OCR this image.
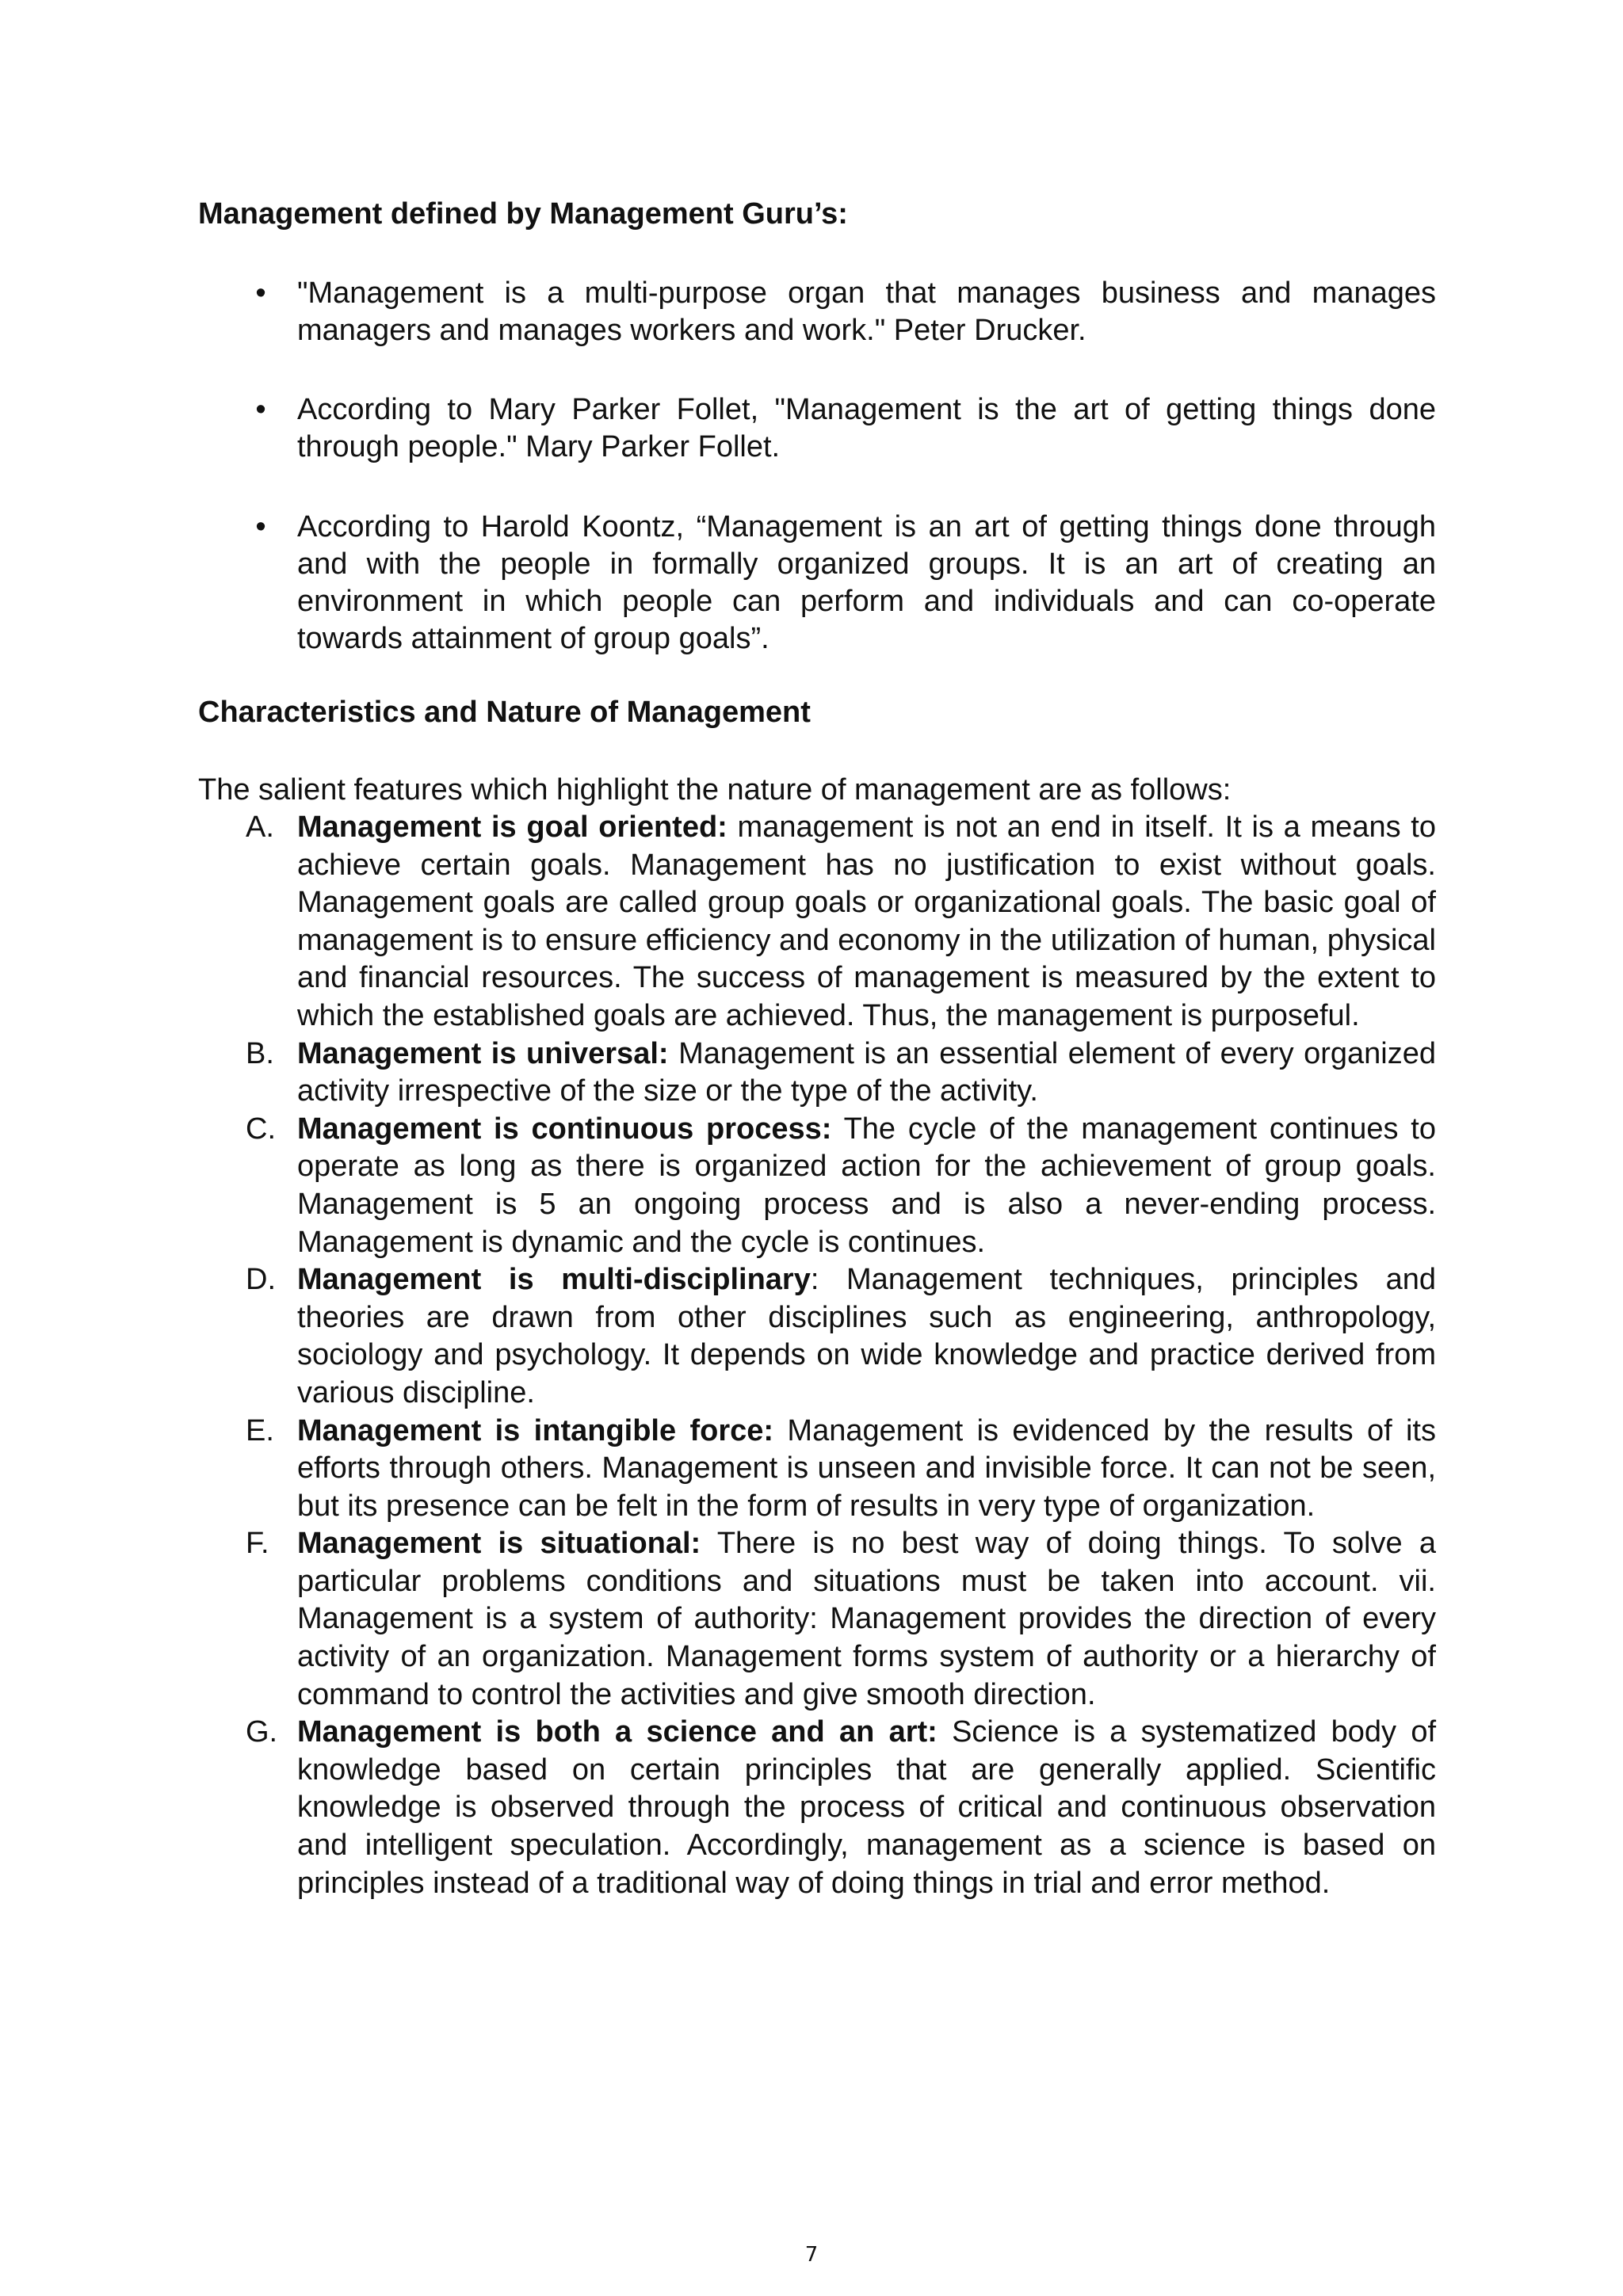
Management defined by Management Guru’s:
• "Management is a multi-purpose organ that manages business and manages managers and manages workers and work." Peter Drucker.
• According to Mary Parker Follet, "Management is the art of getting things done through people." Mary Parker Follet.
• According to Harold Koontz, “Management is an art of getting things done through and with the people in formally organized groups. It is an art of creating an environment in which people can perform and individuals and can co-operate towards attainment of group goals”.
Characteristics and Nature of Management

The salient features which highlight the nature of management are as follows:

A. Management is goal oriented: management is not an end in itself. It is a means to achieve certain goals. Management has no justification to exist without goals. Management goals are called group goals or organizational goals. The basic goal of management is to ensure efficiency and economy in the utilization of human, physical and financial resources. The success of management is measured by the extent to which the established goals are achieved. Thus, the management is purposeful.
B. Management is universal: Management is an essential element of every organized activity irrespective of the size or the type of the activity.
C. Management is continuous process: The cycle of the management continues to operate as long as there is organized action for the achievement of group goals. Management is 5 an ongoing process and is also a never-ending process. Management is dynamic and the cycle is continues.
D. Management is multi-disciplinary: Management techniques, principles and theories are drawn from other disciplines such as engineering, anthropology, sociology and psychology. It depends on wide knowledge and practice derived from various discipline.
E. Management is intangible force: Management is evidenced by the results of its efforts through others. Management is unseen and invisible force. It can not be seen, but its presence can be felt in the form of results in very type of organization.
F. Management is situational: There is no best way of doing things. To solve a particular problems conditions and situations must be taken into account. vii. Management is a system of authority: Management provides the direction of every activity of an organization. Management forms system of authority or a hierarchy of command to control the activities and give smooth direction.
G. Management is both a science and an art: Science is a systematized body of knowledge based on certain principles that are generally applied. Scientific knowledge is observed through the process of critical and continuous observation and intelligent speculation. Accordingly, management as a science is based on principles instead of a traditional way of doing things in trial and error method.
7
